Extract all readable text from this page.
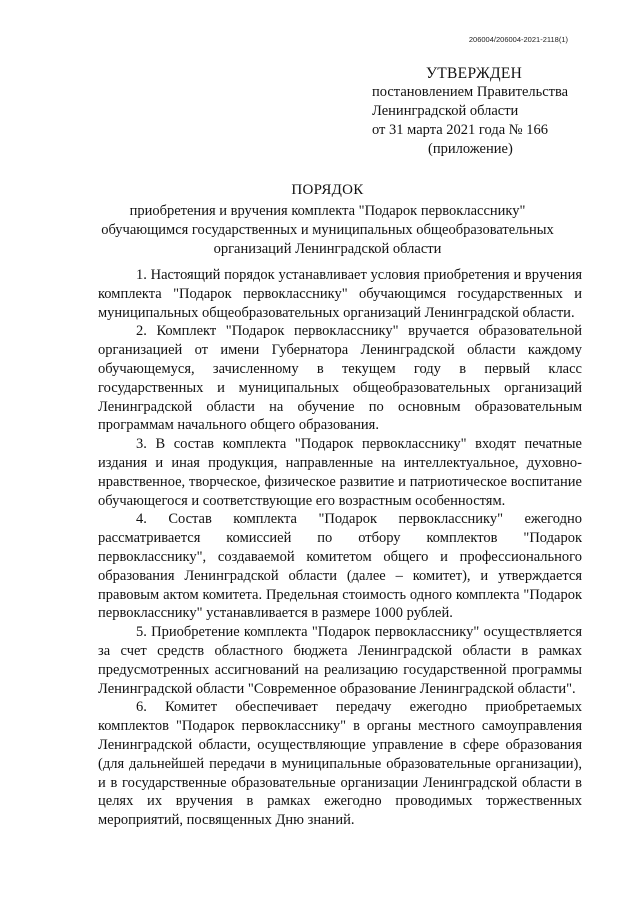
206004/206004-2021-2118(1)
УТВЕРЖДЕН
постановлением Правительства
Ленинградской области
от 31 марта 2021 года № 166
(приложение)
ПОРЯДОК
приобретения и вручения комплекта "Подарок первокласснику"
обучающимся государственных и муниципальных общеобразовательных
организаций Ленинградской области

1. Настоящий порядок устанавливает условия приобретения и вручения комплекта "Подарок первокласснику" обучающимся государственных и муниципальных общеобразовательных организаций Ленинградской области.

2. Комплект "Подарок первокласснику" вручается образовательной организацией от имени Губернатора Ленинградской области каждому обучающемуся, зачисленному в текущем году в первый класс государственных и муниципальных общеобразовательных организаций Ленинградской области на обучение по основным образовательным программам начального общего образования.

3. В состав комплекта "Подарок первокласснику" входят печатные издания и иная продукция, направленные на интеллектуальное, духовно-нравственное, творческое, физическое развитие и патриотическое воспитание обучающегося и соответствующие его возрастным особенностям.

4. Состав комплекта "Подарок первокласснику" ежегодно рассматривается комиссией по отбору комплектов "Подарок первокласснику", создаваемой комитетом общего и профессионального образования Ленинградской области (далее – комитет), и утверждается правовым актом комитета. Предельная стоимость одного комплекта "Подарок первокласснику" устанавливается в размере 1000 рублей.

5. Приобретение комплекта "Подарок первокласснику" осуществляется за счет средств областного бюджета Ленинградской области в рамках предусмотренных ассигнований на реализацию государственной программы Ленинградской области "Современное образование Ленинградской области".

6. Комитет обеспечивает передачу ежегодно приобретаемых комплектов "Подарок первокласснику" в органы местного самоуправления Ленинградской области, осуществляющие управление в сфере образования (для дальнейшей передачи в муниципальные образовательные организации), и в государственные образовательные организации Ленинградской области в целях их вручения в рамках ежегодно проводимых торжественных мероприятий, посвященных Дню знаний.
